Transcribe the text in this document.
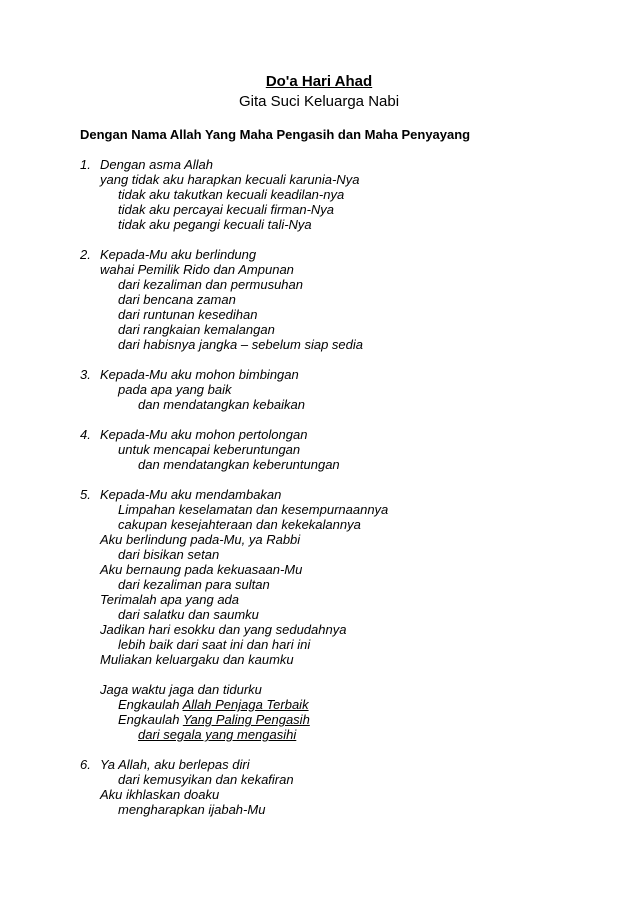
Do'a Hari Ahad
Gita Suci Keluarga Nabi
Dengan Nama Allah Yang Maha Pengasih dan Maha Penyayang
1. Dengan asma Allah
yang tidak aku harapkan kecuali karunia-Nya
tidak aku takutkan kecuali keadilan-nya
tidak aku percayai kecuali firman-Nya
tidak aku pegangi kecuali tali-Nya
2. Kepada-Mu aku berlindung
wahai Pemilik Rido dan Ampunan
dari kezaliman dan permusuhan
dari bencana zaman
dari runtunan kesedihan
dari rangkaian kemalangan
dari habisnya jangka – sebelum siap sedia
3. Kepada-Mu aku mohon bimbingan
pada apa yang baik
dan mendatangkan kebaikan
4. Kepada-Mu aku mohon pertolongan
untuk mencapai keberuntungan
dan mendatangkan keberuntungan
5. Kepada-Mu aku mendambakan
Limpahan keselamatan dan kesempurnaannya
cakupan kesejahteraan dan kekekalannya
Aku berlindung pada-Mu, ya Rabbi
dari bisikan setan
Aku bernaung pada kekuasaan-Mu
dari kezaliman para sultan
Terimalah apa yang ada
dari salatku dan saumku
Jadikan hari esokku dan yang sedudahnya
lebih baik dari saat ini dan hari ini
Muliakan keluargaku dan kaumku
Jaga waktu jaga dan tidurku
Engkaulah Allah Penjaga Terbaik
Engkaulah Yang Paling Pengasih
dari segala yang mengasihi
6. Ya Allah, aku berlepas diri
dari kemusyikan dan kekafiran
Aku ikhlaskan doaku
mengharapkan ijabah-Mu
